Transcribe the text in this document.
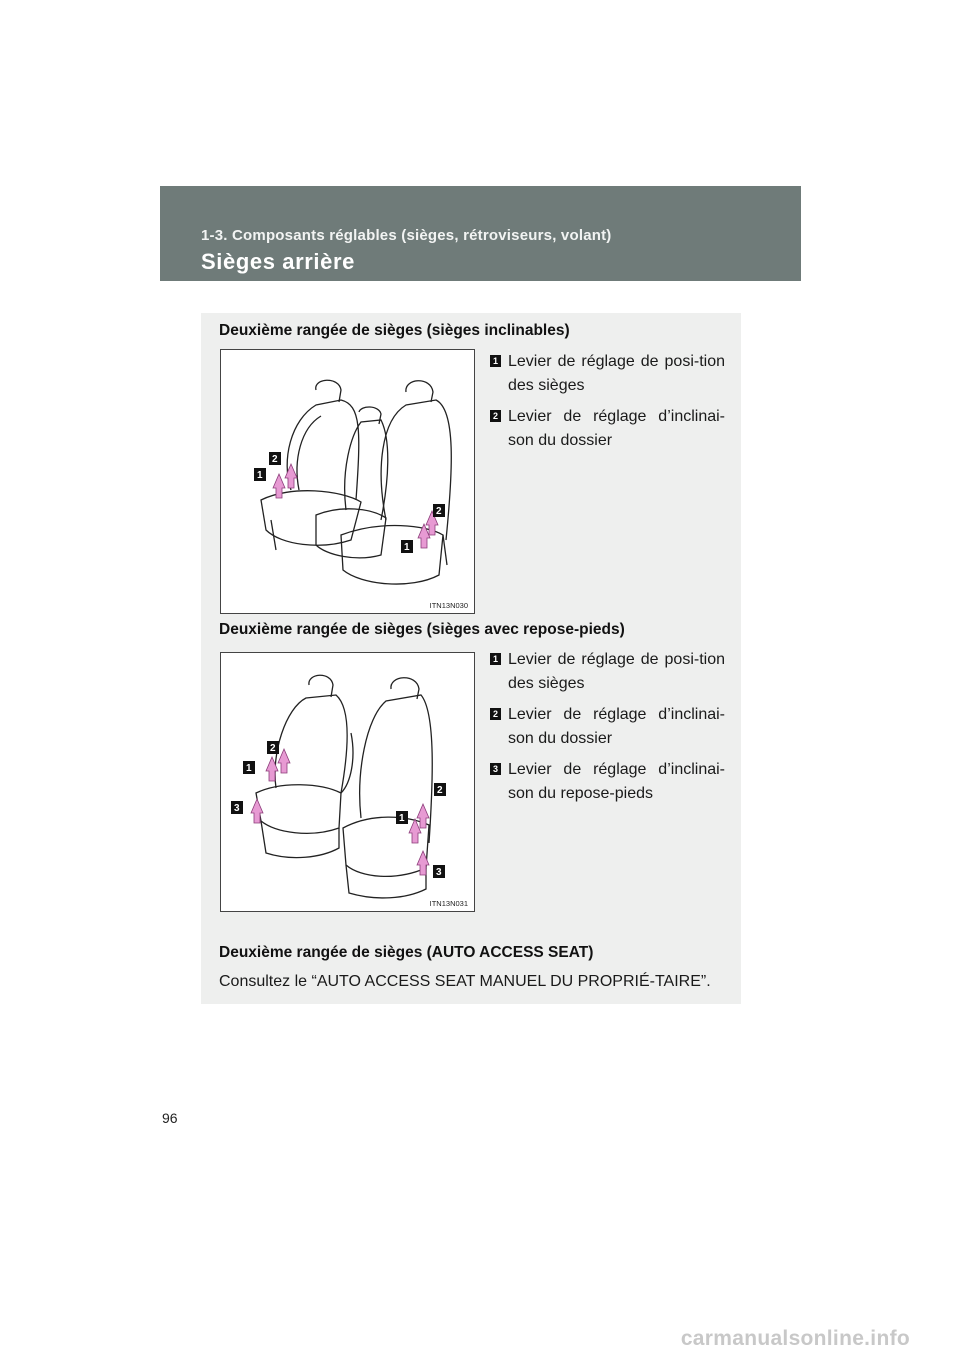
1-3. Composants réglables (sièges, rétroviseurs, volant)
Sièges arrière
Deuxième rangée de sièges (sièges inclinables)
1
2
2
1
ITN13N030
1 Levier de réglage de posi-tion des sièges
2 Levier de réglage d’inclinai-son du dossier
Deuxième rangée de sièges (sièges avec repose-pieds)
1
2
3
2
1
3
ITN13N031
1 Levier de réglage de posi-tion des sièges
2 Levier de réglage d’inclinai-son du dossier
3 Levier de réglage d’inclinai-son du repose-pieds
Deuxième rangée de sièges (AUTO ACCESS SEAT)
Consultez le “AUTO ACCESS SEAT MANUEL DU PROPRIÉ-TAIRE”.
96
carmanualsonline.info
